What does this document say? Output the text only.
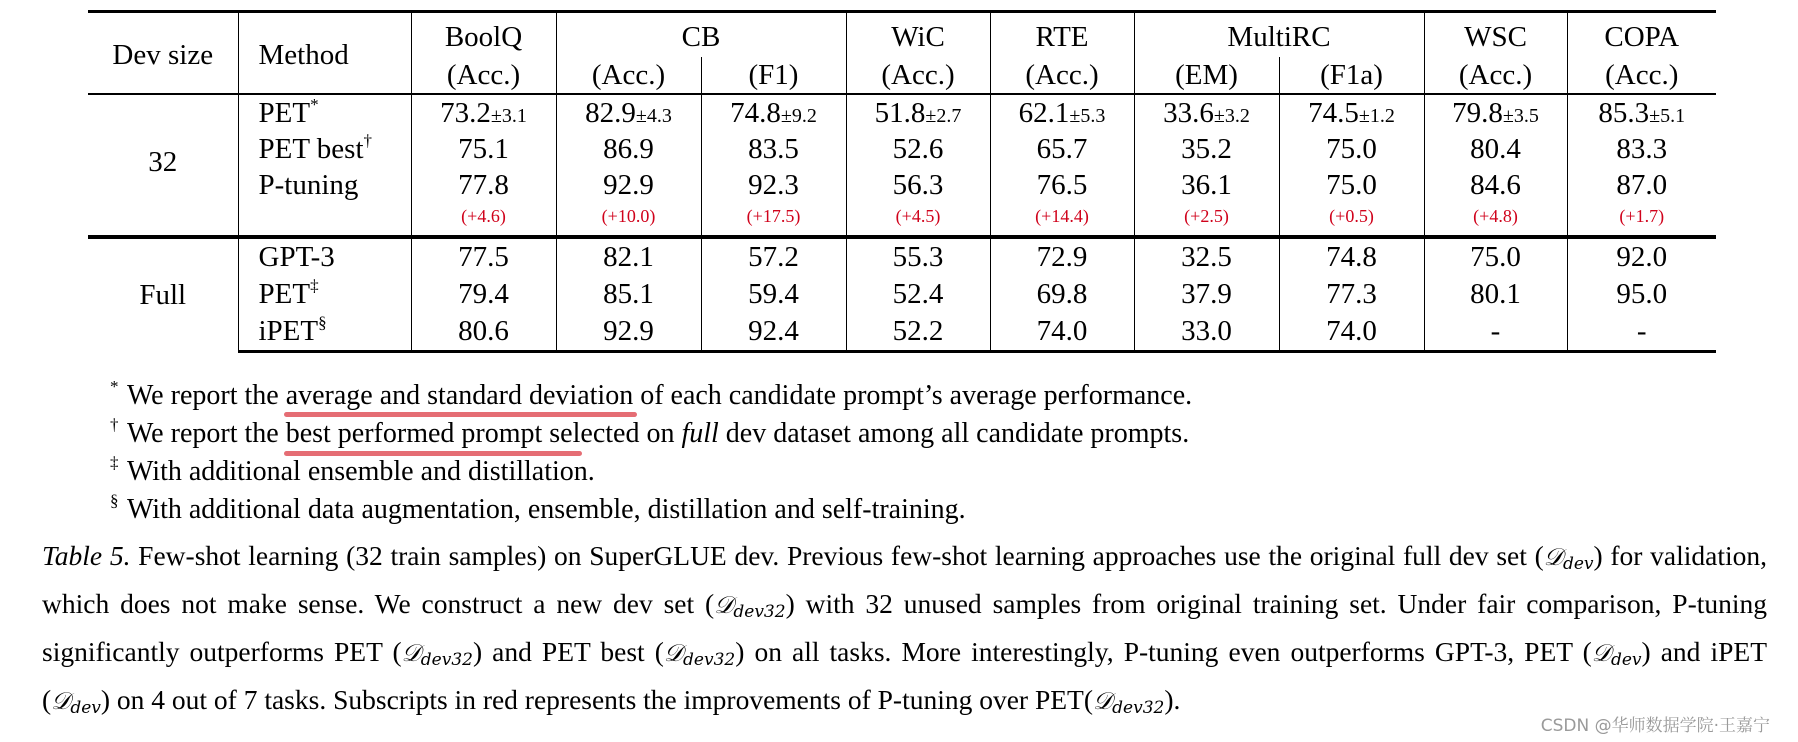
Dev size	Method	BoolQ	CB		WiC	RTE	MultiRC		WSC	COPA
		(Acc.)	(Acc.)	(F1)	(Acc.)	(Acc.)	(EM)	(F1a)	(Acc.)	(Acc.)
32	PET*	73.2±3.1	82.9±4.3	74.8±9.2	51.8±2.7	62.1±5.3	33.6±3.2	74.5±1.2	79.8±3.5	85.3±5.1
	PET best†	75.1	86.9	83.5	52.6	65.7	35.2	75.0	80.4	83.3
	P-tuning	77.8	92.9	92.3	56.3	76.5	36.1	75.0	84.6	87.0
		(+4.6)	(+10.0)	(+17.5)	(+4.5)	(+14.4)	(+2.5)	(+0.5)	(+4.8)	(+1.7)

Full	GPT-3	77.5	82.1	57.2	55.3	72.9	32.5	74.8	75.0	92.0
	PET‡	79.4	85.1	59.4	52.4	69.8	37.9	77.3	80.1	95.0
	iPET§	80.6	92.9	92.4	52.2	74.0	33.0	74.0	-	-
* We report the average and standard deviation
of each candidate prompt’s average performance.
† We report the best performed prompt
selected on full dev dataset among all candidate prompts.
‡ With additional ensemble and distillation.
§ With additional data augmentation, ensemble, distillation and self-training.
Table 5. Few-shot learning (32 train samples) on SuperGLUE dev. Previous few-shot learning approaches use the original full dev set (𝒟dev) for validation, which does not make sense. We construct a new dev set (𝒟dev32) with 32 unused samples from original training set. Under fair comparison, P-tuning significantly outperforms PET (𝒟dev32) and PET best (𝒟dev32) on all tasks. More interestingly, P-tuning even outperforms GPT-3, PET (𝒟dev) and iPET (𝒟dev) on 4 out of 7 tasks. Subscripts in red represents the improvements of P-tuning over PET(𝒟dev32).
CSDN @华师数据学院·王嘉宁
